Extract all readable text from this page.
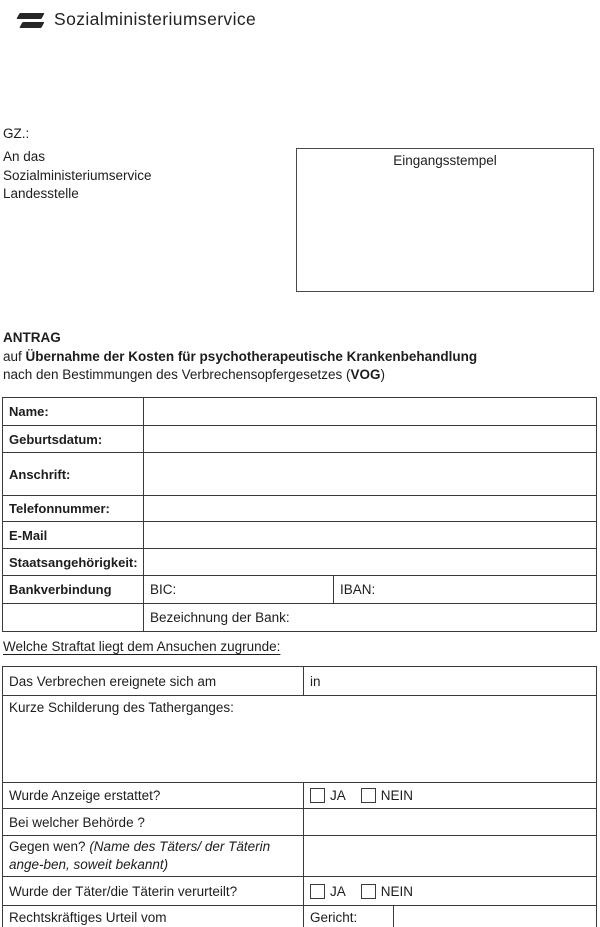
Sozialministeriumservice
GZ.:
An das
Sozialministeriumservice
Landesstelle
Eingangsstempel
ANTRAG
auf Übernahme der Kosten für psychotherapeutische Krankenbehandlung
nach den Bestimmungen des Verbrechensopfergesetzes (VOG)
Name:		
Geburtsdatum:		
Anschrift:		
Telefonnummer:		
E-Mail		
Staatsangehörigkeit:		
Bankverbindung	BIC:	IBAN:
	Bezeichnung der Bank:	
Welche Straftat liegt dem Ansuchen zugrunde:
Das Verbrechen ereignete sich am	in	
Kurze Schilderung des Tatherganges:		
Wurde Anzeige erstattet?	JA NEIN	

Bei welcher Behörde ?		
Gegen wen? (Name des Täters/ der Täterin ange-ben, soweit bekannt)		
Wurde der Täter/die Täterin verurteilt?	JA NEIN	

Rechtskräftiges Urteil vom	Gericht:	
